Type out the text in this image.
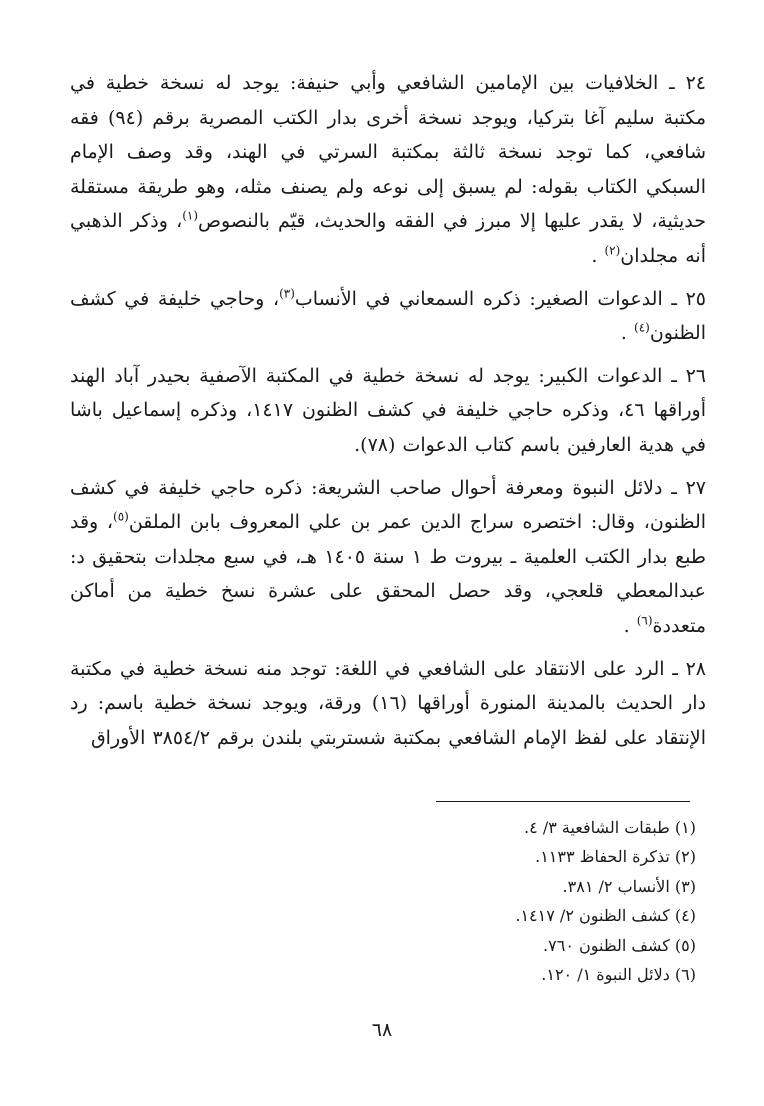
٢٤ ـ الخلافيات بين الإمامين الشافعي وأبي حنيفة: يوجد له نسخة خطية في مكتبة سليم آغا بتركيا، ويوجد نسخة أخرى بدار الكتب المصرية برقم (٩٤) فقه شافعي، كما توجد نسخة ثالثة بمكتبة السرتي في الهند، وقد وصف الإمام السبكي الكتاب بقوله: لم يسبق إلى نوعه ولم يصنف مثله، وهو طريقة مستقلة حديثية، لا يقدر عليها إلا مبرز في الفقه والحديث، قيّم بالنصوص$^{(١)}$، وذكر الذهبي أنه مجلدان$^{(٢)}$ .

٢٥ ـ الدعوات الصغير: ذكره السمعاني في الأنساب$^{(٣)}$، وحاجي خليفة في كشف الظنون$^{(٤)}$ .

٢٦ ـ الدعوات الكبير: يوجد له نسخة خطية في المكتبة الآصفية بحيدر آباد الهند أوراقها ٤٦، وذكره حاجي خليفة في كشف الظنون ١٤١٧، وذكره إسماعيل باشا في هدية العارفين باسم كتاب الدعوات (٧٨).

٢٧ ـ دلائل النبوة ومعرفة أحوال صاحب الشريعة: ذكره حاجي خليفة في كشف الظنون، وقال: اختصره سراج الدين عمر بن علي المعروف بابن الملقن$^{(٥)}$، وقد طبع بدار الكتب العلمية ـ بيروت ط ١ سنة ١٤٠٥ هـ، في سبع مجلدات بتحقيق د: عبدالمعطي قلعجي، وقد حصل المحقق على عشرة نسخ خطية من أماكن متعددة$^{(٦)}$ .

٢٨ ـ الرد على الانتقاد على الشافعي في اللغة: توجد منه نسخة خطية في مكتبة دار الحديث بالمدينة المنورة أوراقها (١٦) ورقة، ويوجد نسخة خطية باسم: رد الإنتقاد على لفظ الإمام الشافعي بمكتبة شستربتي بلندن برقم ٣٨٥٤/٢ الأوراق

(١) طبقات الشافعية ٣/ ٤.
(٢) تذكرة الحفاظ ١١٣٣.
(٣) الأنساب ٢/ ٣٨١.
(٤) كشف الظنون ٢/ ١٤١٧.
(٥) كشف الظنون ٧٦٠.
(٦) دلائل النبوة ١/ ١٢٠.
٦٨
